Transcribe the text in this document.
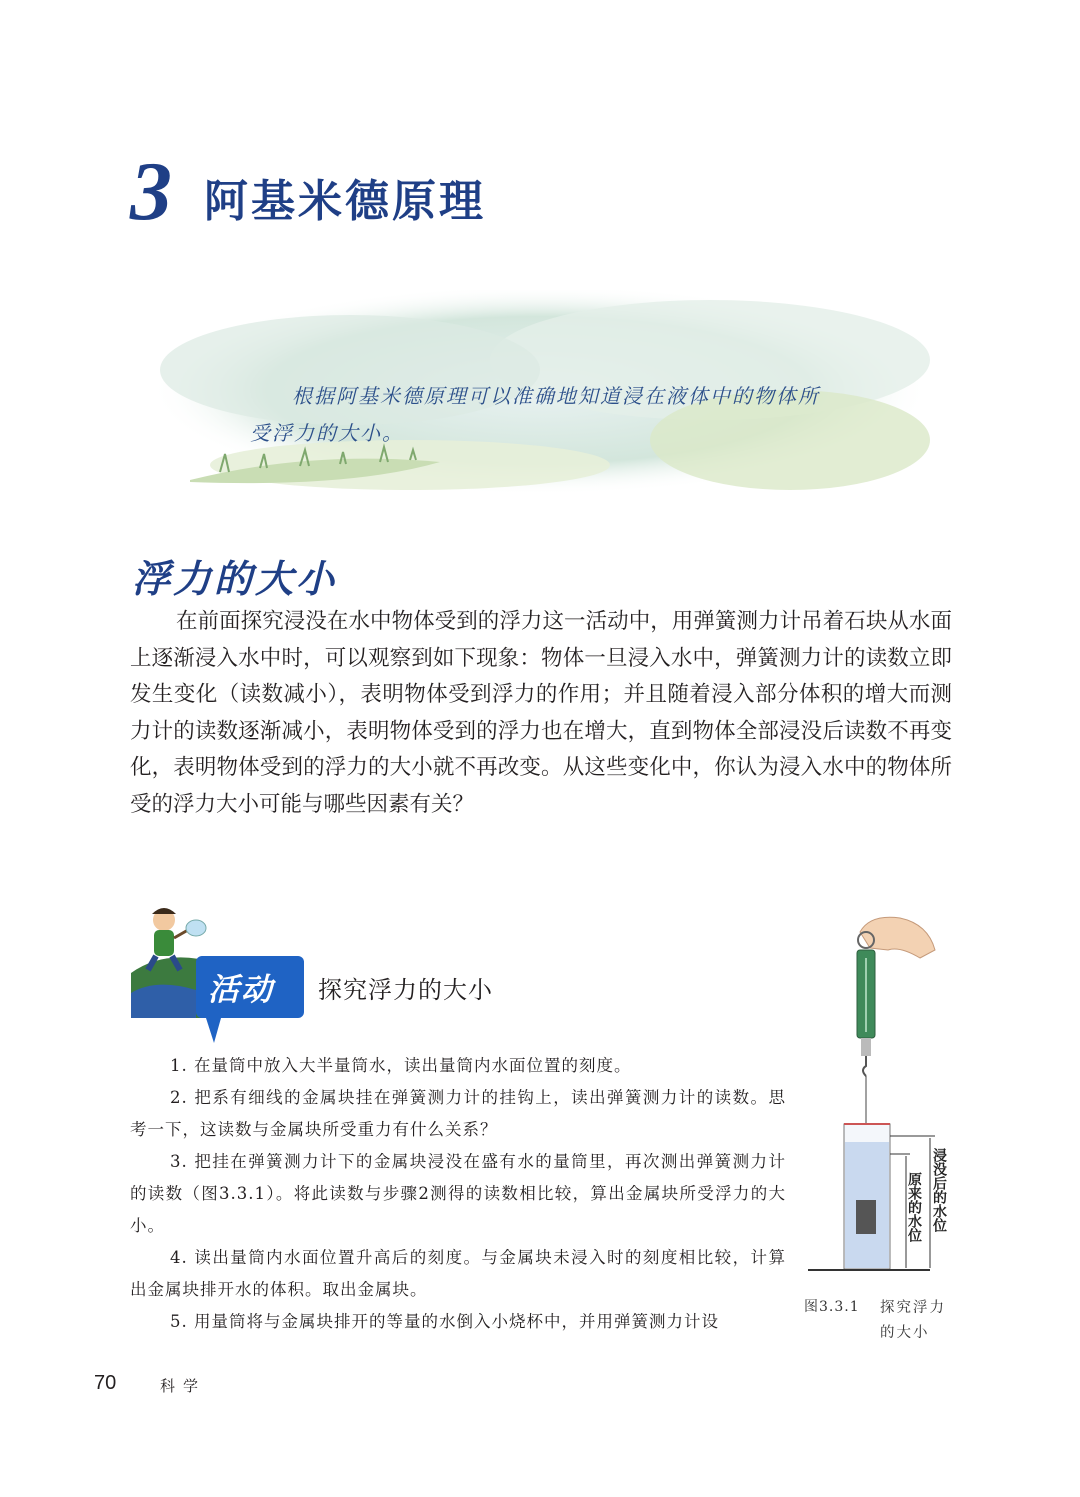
3 阿基米德原理
根据阿基米德原理可以准确地知道浸在液体中的物体所
受浮力的大小。
浮力的大小

在前面探究浸没在水中物体受到的浮力这一活动中，用弹簧测力计吊着石块从水面上逐渐浸入水中时，可以观察到如下现象：物体一旦浸入水中，弹簧测力计的读数立即发生变化（读数减小），表明物体受到浮力的作用；并且随着浸入部分体积的增大而测力计的读数逐渐减小，表明物体受到的浮力也在增大，直到物体全部浸没后读数不再变化，表明物体受到的浮力的大小就不再改变。从这些变化中，你认为浸入水中的物体所受的浮力大小可能与哪些因素有关？

活动 探究浮力的大小

1. 在量筒中放入大半量筒水，读出量筒内水面位置的刻度。

2. 把系有细线的金属块挂在弹簧测力计的挂钩上，读出弹簧测力计的读数。思考一下，这读数与金属块所受重力有什么关系？

3. 把挂在弹簧测力计下的金属块浸没在盛有水的量筒里，再次测出弹簧测力计的读数（图3.3.1）。将此读数与步骤2测得的读数相比较，算出金属块所受浮力的大小。

4. 读出量筒内水面位置升高后的刻度。与金属块未浸入时的刻度相比较，计算出金属块排开水的体积。取出金属块。

5. 用量筒将与金属块排开的等量的水倒入小烧杯中，并用弹簧测力计设

浸没后的水位
原来的水位
图3.3.1 探究浮力的大小
70	科学
